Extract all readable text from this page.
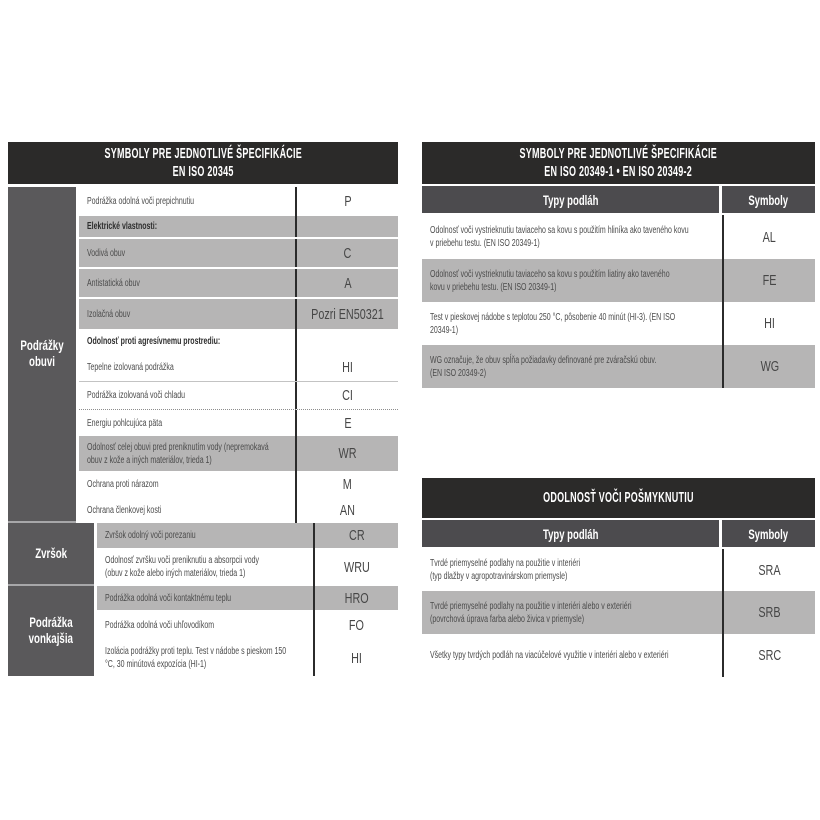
SYMBOLY PRE JEDNOTLIVÉ ŠPECIFIKÁCIE
EN ISO 20345
Podrážky
obuvi
Podrážka odolná voči prepichnutiu	P
Elektrické vlastnosti:
Vodivá obuv	C
Antistatická obuv	A
Izolačná obuv	Pozri EN50321
Odolnosť proti agresívnemu prostrediu:
Tepelne izolovaná podrážka	HI
Podrážka izolovaná voči chladu	CI
Energiu pohlcujúca päta	E
Odolnosť celej obuvi pred preniknutím vody (nepremokavá
obuv z kože a iných materiálov, trieda 1)	WR
Ochrana proti nárazom	M
Ochrana členkovej kosti	AN
Zvršok
Zvršok odolný voči porezaniu	CR
Odolnosť zvršku voči preniknutiu a absorpcii vody
(obuv z kože alebo iných materiálov, trieda 1)	WRU
Podrážka
vonkajšia
Podrážka odolná voči kontaktnému teplu	HRO
Podrážka odolná voči uhľovodíkom	FO
Izolácia podrážky proti teplu. Test v nádobe s pieskom 150
°C, 30 minútová expozícia (HI-1)	HI
SYMBOLY PRE JEDNOTLIVÉ ŠPECIFIKÁCIE
EN ISO 20349-1 • EN ISO 20349-2
Typy podláh	Symboly
Odolnosť voči vystrieknutiu taviaceho sa kovu s použitím hliníka ako taveného kovu
v priebehu testu. (EN ISO 20349-1)	AL
Odolnosť voči vystrieknutiu taviaceho sa kovu s použitím liatiny ako taveného
kovu v priebehu testu. (EN ISO 20349-1)	FE
Test v pieskovej nádobe s teplotou 250 °C, pôsobenie 40 minút (HI-3). (EN ISO
20349-1)	HI
WG označuje, že obuv spĺňa požiadavky definované pre zváračskú obuv.
(EN ISO 20349-2)	WG
ODOLNOSŤ VOČI POŠMYKNUTIU
Typy podláh	Symboly
Tvrdé priemyselné podlahy na použitie v interiéri
(typ dlažby v agropotravinárskom priemysle)	SRA
Tvrdé priemyselné podlahy na použitie v interiéri alebo v exteriéri
(povrchová úprava farba alebo živica v priemysle)	SRB
Všetky typy tvrdých podláh na viacúčelové využitie v interiéri alebo v exteriéri	SRC
